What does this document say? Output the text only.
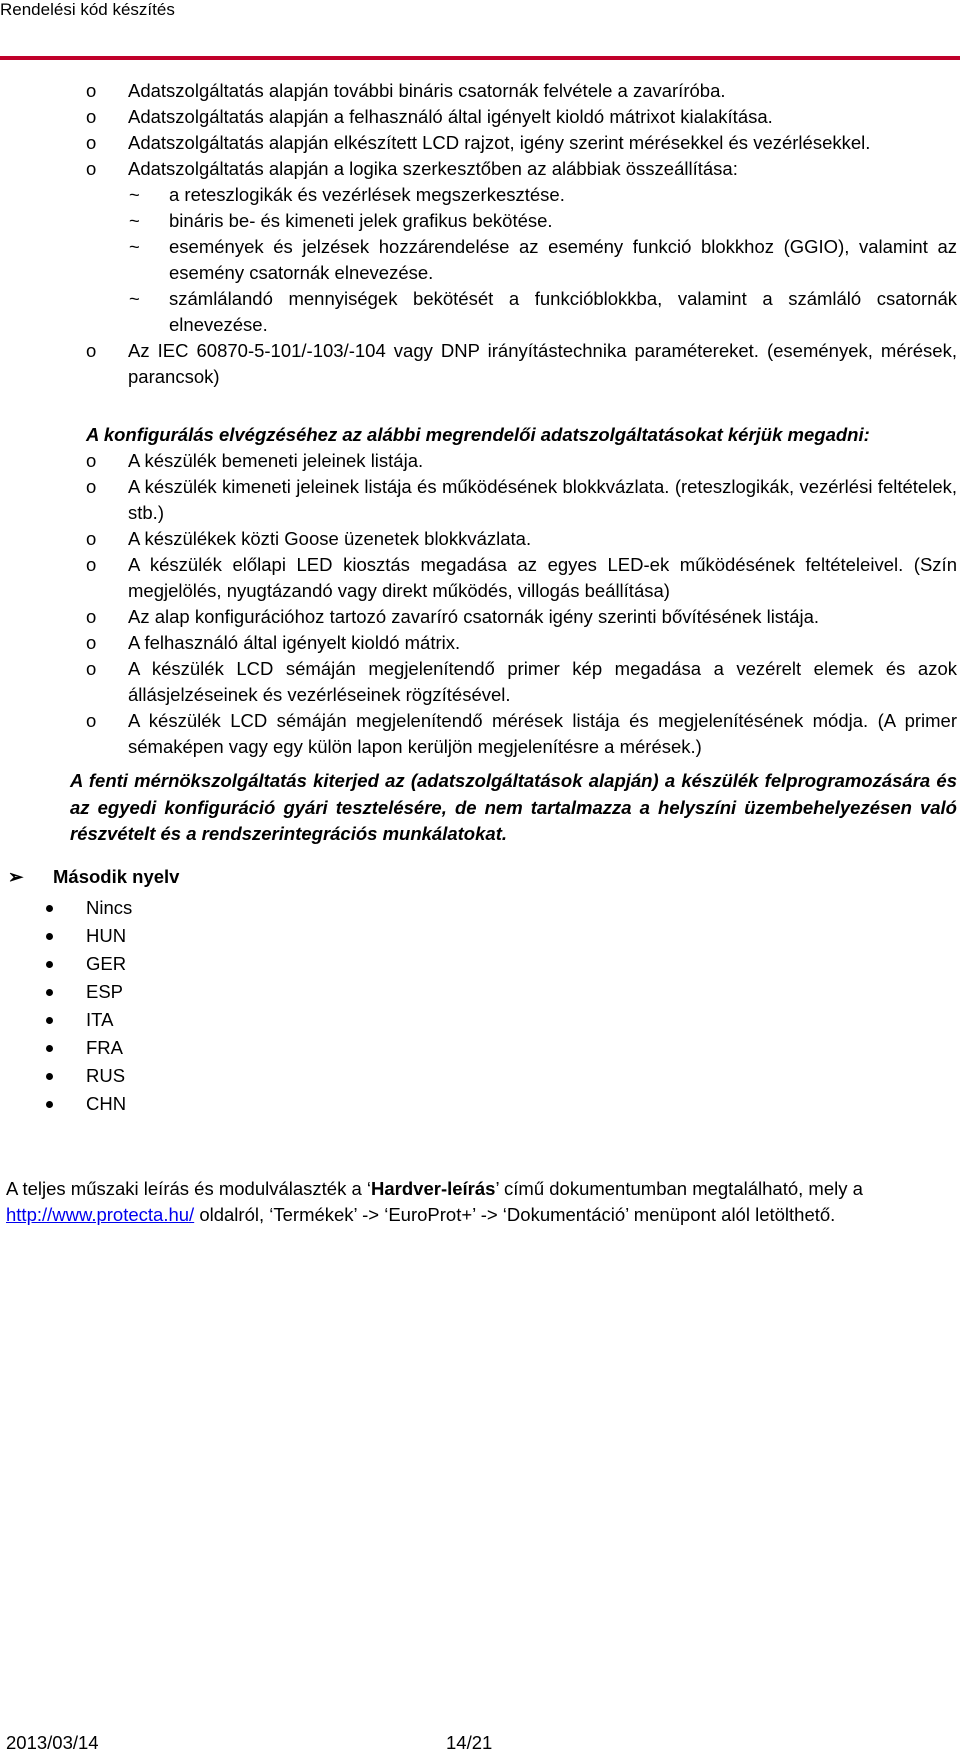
Rendelési kód készítés
o Adatszolgáltatás alapján további bináris csatornák felvétele a zavaríróba.
o Adatszolgáltatás alapján a felhasználó által igényelt kioldó mátrixot kialakítása.
o Adatszolgáltatás alapján elkészített LCD rajzot, igény szerint mérésekkel és vezérlésekkel.
o Adatszolgáltatás alapján a logika szerkesztőben az alábbiak összeállítása:
~ a reteszlogikák és vezérlések megszerkesztése.
~ bináris be- és kimeneti jelek grafikus bekötése.
~ események és jelzések hozzárendelése az esemény funkció blokkhoz (GGIO), valamint az esemény csatornák elnevezése.
~ számlálandó mennyiségek bekötését a funkcióblokkba, valamint a számláló csatornák elnevezése.
o Az IEC 60870-5-101/-103/-104 vagy DNP irányítástechnika paramétereket. (események, mérések, parancsok)
A konfigurálás elvégzéséhez az alábbi megrendelői adatszolgáltatásokat kérjük megadni:
o A készülék bemeneti jeleinek listája.
o A készülék kimeneti jeleinek listája és működésének blokkvázlata. (reteszlogikák, vezérlési feltételek, stb.)
o A készülékek közti Goose üzenetek blokkvázlata.
o A készülék előlapi LED kiosztás megadása az egyes LED-ek működésének feltételeivel. (Szín megjelölés, nyugtázandó vagy direkt működés, villogás beállítása)
o Az alap konfigurációhoz tartozó zavaríró csatornák igény szerinti bővítésének listája.
o A felhasználó által igényelt kioldó mátrix.
o A készülék LCD sémáján megjelenítendő primer kép megadása a vezérelt elemek és azok állásjelzéseinek és vezérléseinek rögzítésével.
o A készülék LCD sémáján megjelenítendő mérések listája és megjelenítésének módja. (A primer sémaképen vagy egy külön lapon kerüljön megjelenítésre a mérések.)
A fenti mérnökszolgáltatás kiterjed az (adatszolgáltatások alapján) a készülék felprogramozására és az egyedi konfiguráció gyári tesztelésére, de nem tartalmazza a helyszíni üzembehelyezésen való részvételt és a rendszerintegrációs munkálatokat.
➢ Második nyelv
Nincs
HUN
GER
ESP
ITA
FRA
RUS
CHN
A teljes műszaki leírás és modulválaszték a ‘Hardver-leírás’ című dokumentumban megtalálható, mely a http://www.protecta.hu/ oldalról, ‘Termékek’ -> ‘EuroProt+’ -> ‘Dokumentáció’ menüpont alól letölthető.
2013/03/14	14/21
